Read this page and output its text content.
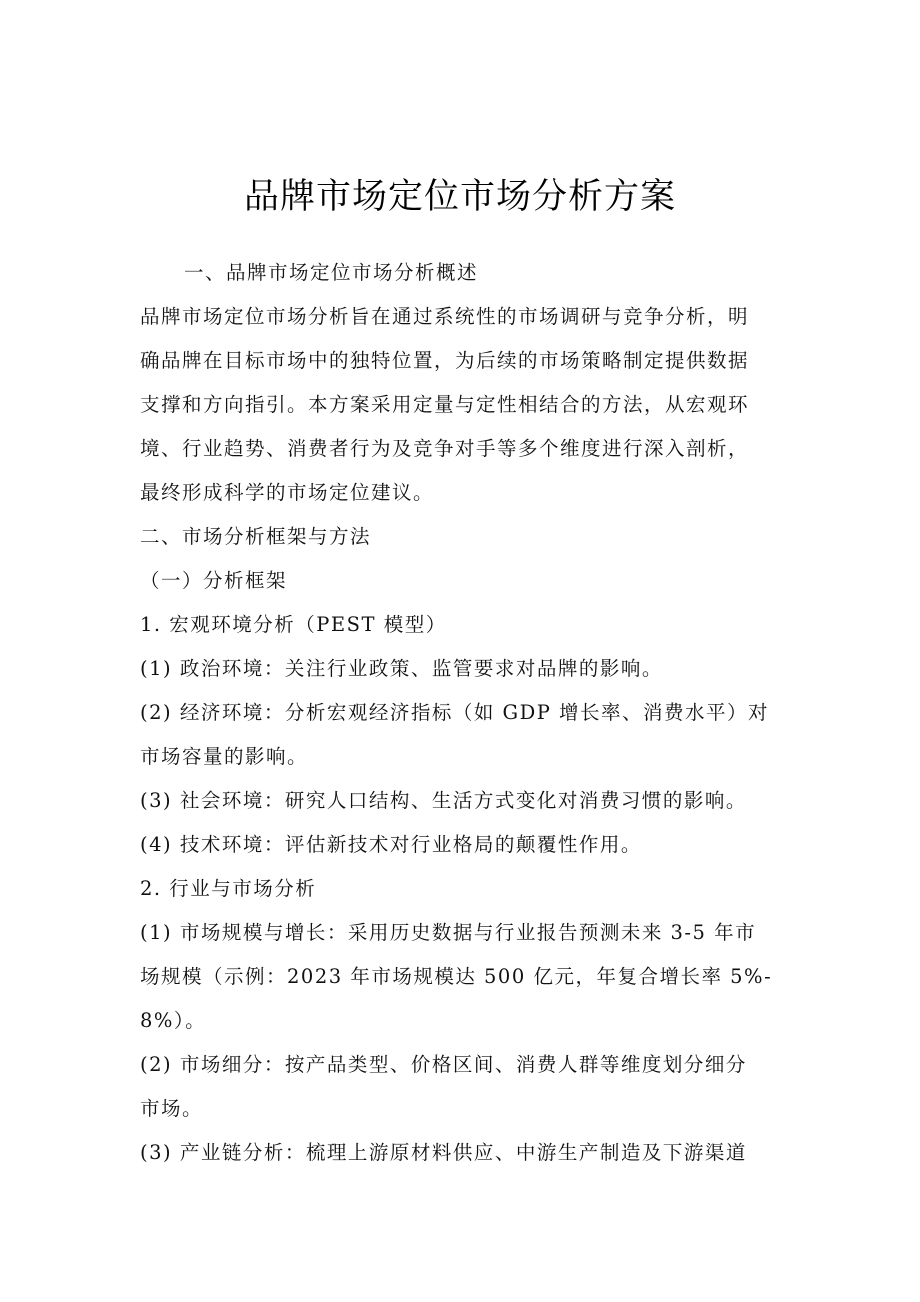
品牌市场定位市场分析方案
一、品牌市场定位市场分析概述
品牌市场定位市场分析旨在通过系统性的市场调研与竞争分析，明
确品牌在目标市场中的独特位置，为后续的市场策略制定提供数据
支撑和方向指引。本方案采用定量与定性相结合的方法，从宏观环
境、行业趋势、消费者行为及竞争对手等多个维度进行深入剖析，
最终形成科学的市场定位建议。
二、市场分析框架与方法
（一）分析框架
1. 宏观环境分析（PEST 模型）
(1) 政治环境：关注行业政策、监管要求对品牌的影响。
(2) 经济环境：分析宏观经济指标（如 GDP 增长率、消费水平）对
市场容量的影响。
(3) 社会环境：研究人口结构、生活方式变化对消费习惯的影响。
(4) 技术环境：评估新技术对行业格局的颠覆性作用。
2. 行业与市场分析
(1) 市场规模与增长：采用历史数据与行业报告预测未来 3-5 年市
场规模（示例：2023 年市场规模达 500 亿元，年复合增长率 5%-
8%）。
(2) 市场细分：按产品类型、价格区间、消费人群等维度划分细分
市场。
(3) 产业链分析：梳理上游原材料供应、中游生产制造及下游渠道
